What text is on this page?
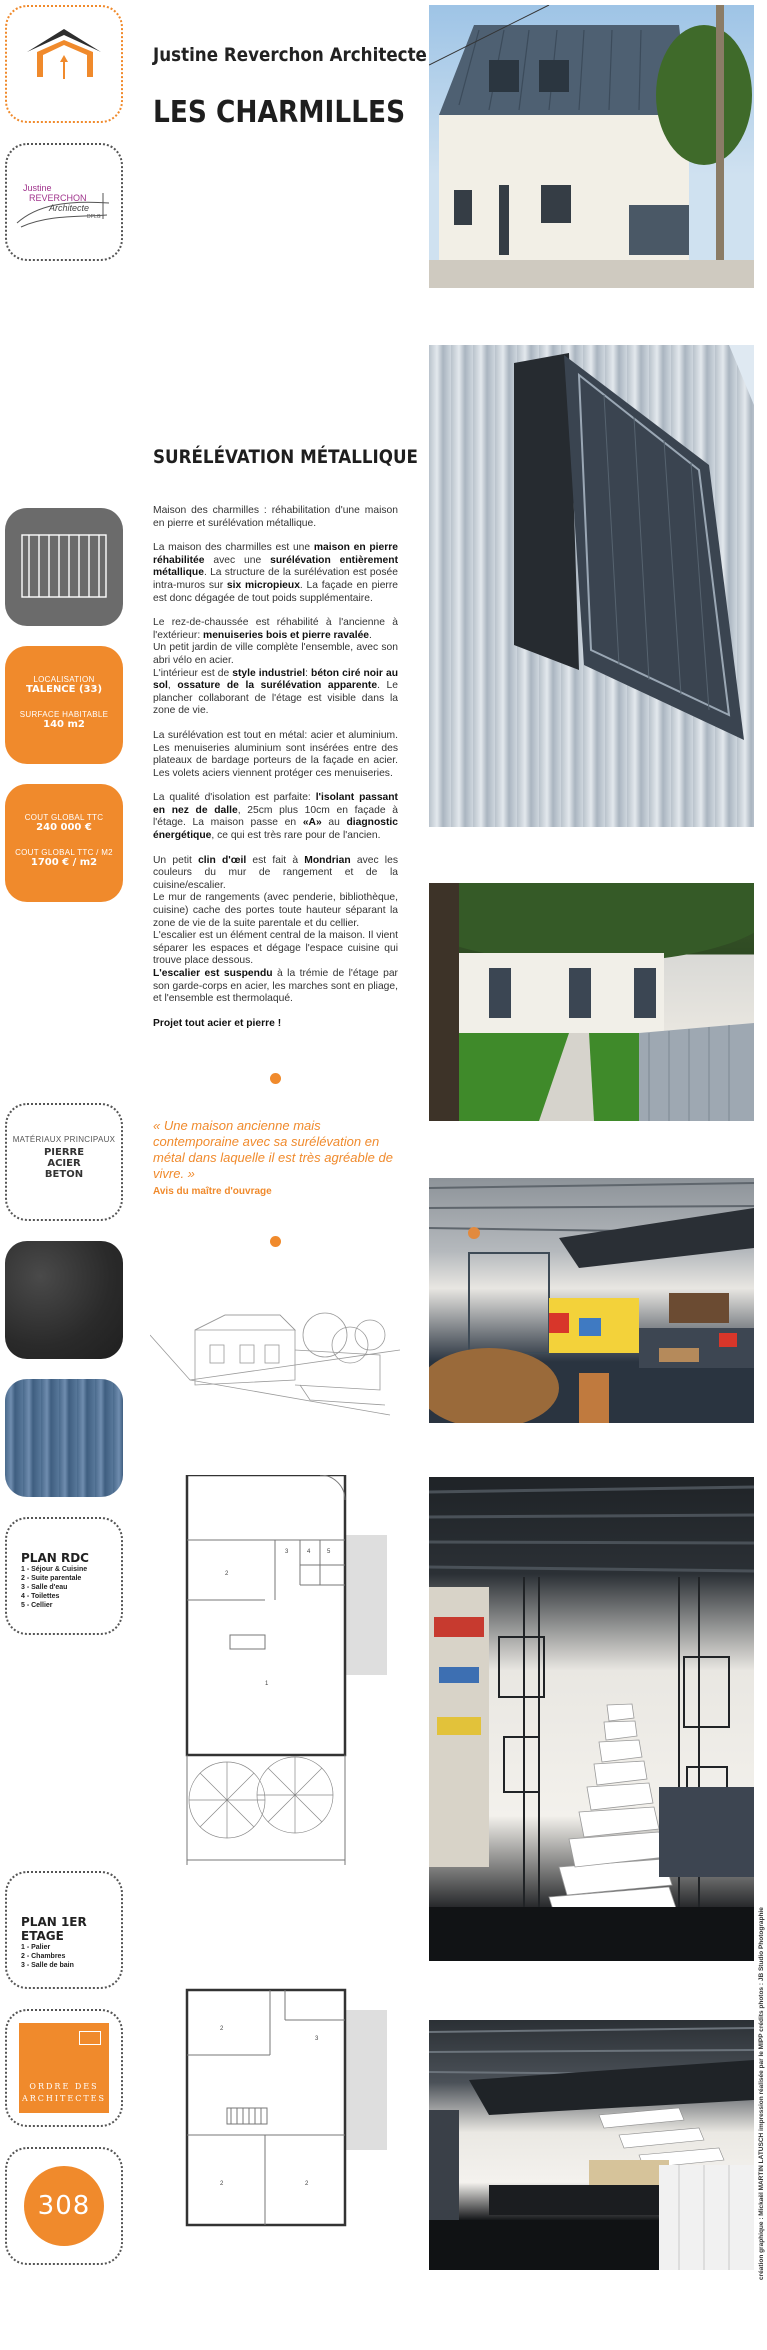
Justine
REVERCHON
Architecte
DPLG
LOCALISATION
TALENCE (33)
SURFACE HABITABLE
140 m2
COUT GLOBAL TTC
240 000 €
COUT GLOBAL TTC / M2
1700 € / m2
MATÉRIAUX PRINCIPAUX
PIERRE
ACIER
BETON
PLAN RDC
1 - Séjour & Cuisine
2 - Suite parentale
3 - Salle d'eau
4 - Toilettes
5 - Cellier
PLAN 1ER ETAGE
1 - Palier
2 - Chambres
3 - Salle de bain
ORDRE DES
ARCHITECTES
308
Justine Reverchon Architecte
LES CHARMILLES
SURÉLÉVATION MÉTALLIQUE

Maison des charmilles : réhabilitation d'une maison en pierre et surélévation métallique.

La maison des charmilles est une maison en pierre réhabilitée avec une surélévation entièrement métallique. La structure de la surélévation est posée intra-muros sur six micropieux. La façade en pierre est donc dégagée de tout poids supplémentaire.

Le rez-de-chaussée est réhabilité à l'ancienne à l'extérieur: menuiseries bois et pierre ravalée.
Un petit jardin de ville complète l'ensemble, avec son abri vélo en acier.
L'intérieur est de style industriel: béton ciré noir au sol, ossature de la surélévation apparente. Le plancher collaborant de l'étage est visible dans la zone de vie.

La surélévation est tout en métal: acier et aluminium. Les menuiseries aluminium sont insérées entre des plateaux de bardage porteurs de la façade en acier. Les volets aciers viennent protéger ces menuiseries.

La qualité d'isolation est parfaite: l'isolant passant en nez de dalle, 25cm plus 10cm en façade à l'étage. La maison passe en «A» au diagnostic énergétique, ce qui est très rare pour de l'ancien.

Un petit clin d'œil est fait à Mondrian avec les couleurs du mur de rangement et de la cuisine/escalier.
Le mur de rangements (avec penderie, bibliothèque, cuisine) cache des portes toute hauteur séparant la zone de vie de la suite parentale et du cellier.
L'escalier est un élément central de la maison. Il vient séparer les espaces et dégage l'espace cuisine qui trouve place dessous.
L'escalier est suspendu à la trémie de l'étage par son garde-corps en acier, les marches sont en pliage, et l'ensemble est thermolaqué.

Projet tout acier et pierre !

« Une maison ancienne mais contemporaine avec sa surélévation en métal dans laquelle il est très agréable de vivre. »
Avis du maître d'ouvrage
3	4	5
2
1
2
3
2	2	création graphique : Mickaël MARTIN LATUSCH impression réalisée par le MIPP crédits photos : JB Studio Photographie
